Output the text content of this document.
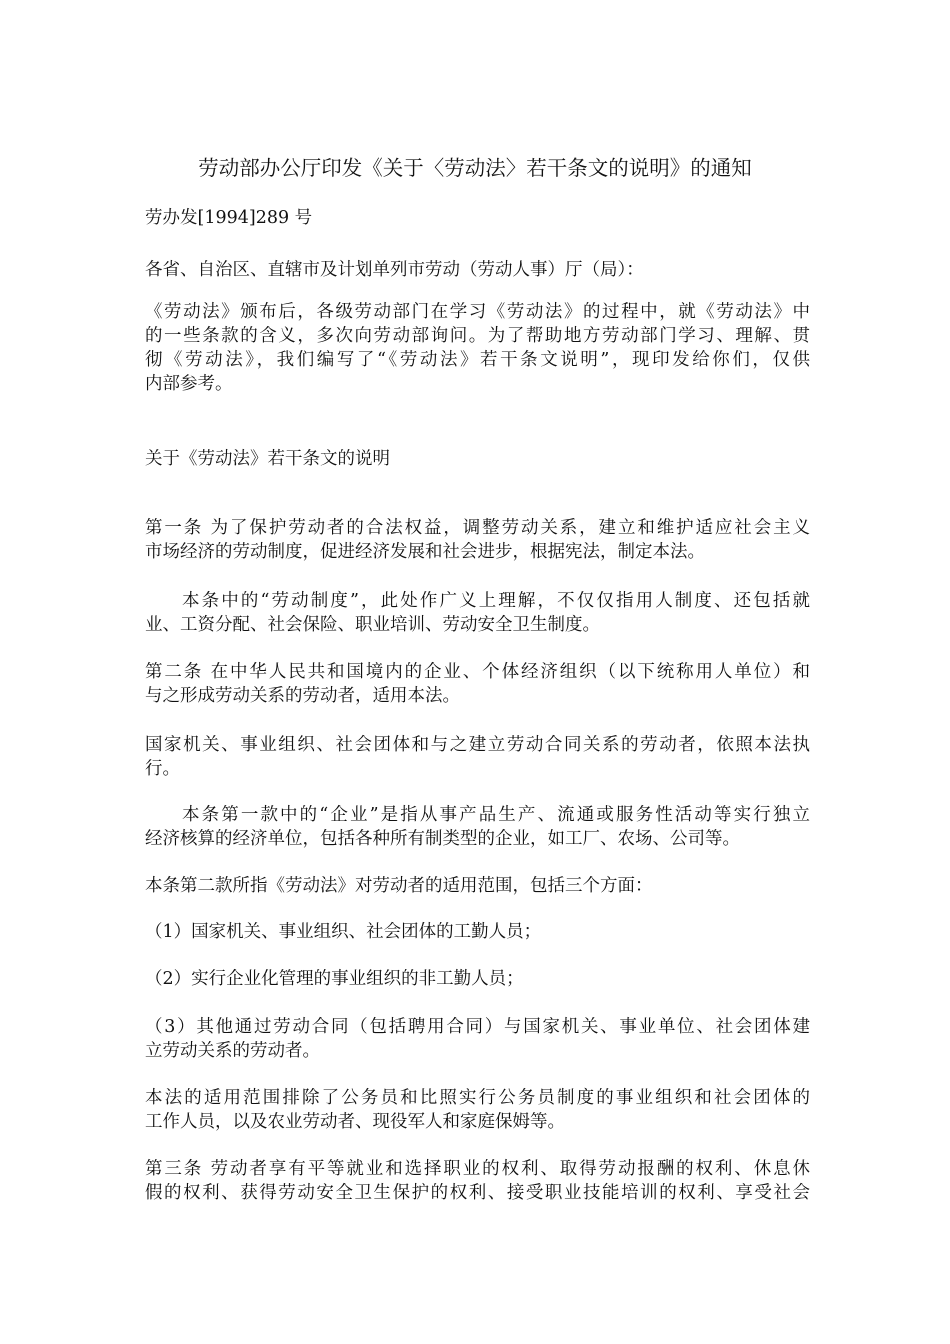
劳动部办公厅印发《关于〈劳动法〉若干条文的说明》的通知
劳办发[1994]289 号
各省、自治区、直辖市及计划单列市劳动（劳动人事）厅（局）：
《劳动法》颁布后，各级劳动部门在学习《劳动法》的过程中，就《劳动法》中
的一些条款的含义，多次向劳动部询问。为了帮助地方劳动部门学习、理解、贯
彻《劳动法》，我们编写了“《劳动法》若干条文说明”，现印发给你们，仅供
内部参考。
关于《劳动法》若干条文的说明
第一条 为了保护劳动者的合法权益，调整劳动关系，建立和维护适应社会主义
市场经济的劳动制度，促进经济发展和社会进步，根据宪法，制定本法。
本条中的“劳动制度”，此处作广义上理解，不仅仅指用人制度、还包括就
业、工资分配、社会保险、职业培训、劳动安全卫生制度。
第二条 在中华人民共和国境内的企业、个体经济组织（以下统称用人单位）和
与之形成劳动关系的劳动者，适用本法。
国家机关、事业组织、社会团体和与之建立劳动合同关系的劳动者，依照本法执
行。
本条第一款中的“企业”是指从事产品生产、流通或服务性活动等实行独立
经济核算的经济单位，包括各种所有制类型的企业，如工厂、农场、公司等。
本条第二款所指《劳动法》对劳动者的适用范围，包括三个方面：
（1）国家机关、事业组织、社会团体的工勤人员；
（2）实行企业化管理的事业组织的非工勤人员；
（3）其他通过劳动合同（包括聘用合同）与国家机关、事业单位、社会团体建
立劳动关系的劳动者。
本法的适用范围排除了公务员和比照实行公务员制度的事业组织和社会团体的
工作人员，以及农业劳动者、现役军人和家庭保姆等。
第三条 劳动者享有平等就业和选择职业的权利、取得劳动报酬的权利、休息休
假的权利、获得劳动安全卫生保护的权利、接受职业技能培训的权利、享受社会
